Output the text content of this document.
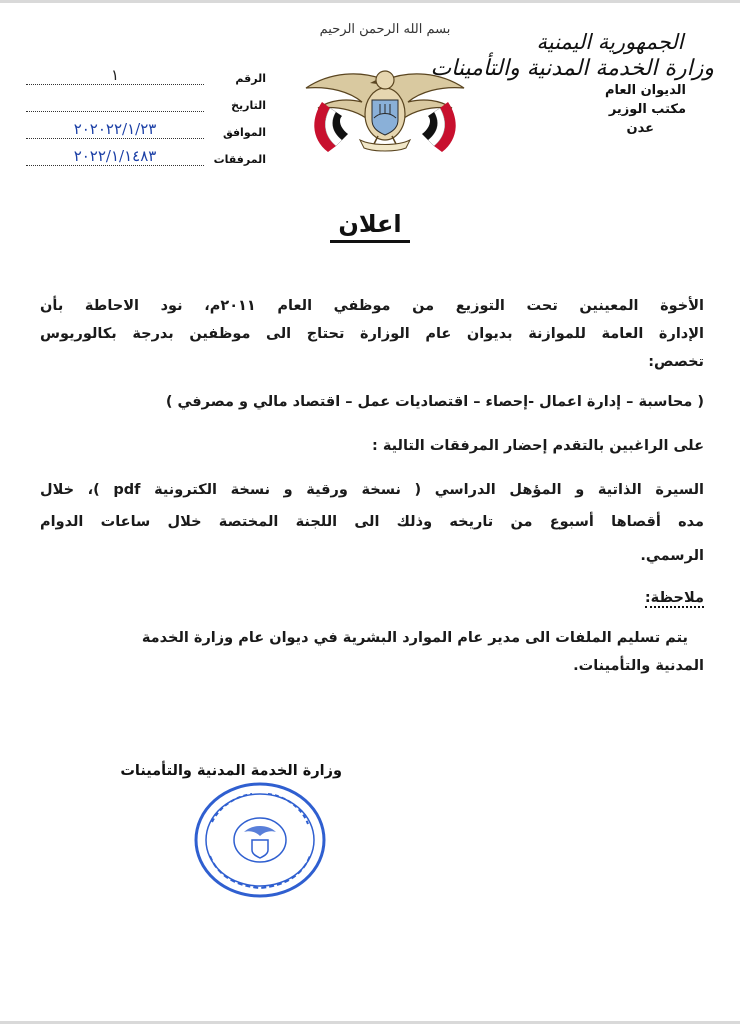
الرقم
١
التاريخ
الموافق
٢٠٢٠٢٢/١/٢٣
المرفقات
٢٠٢٢/١/١٤٨٣
بسم الله الرحمن الرحيم
الجمهورية اليمنية
وزارة الخدمة المدنية والتأمينات
الديوان العام
مكتب الوزير
عدن
اعلان
الأخوة المعينين تحت التوزيع من موظفي العام ٢٠١١م، نود الاحاطة بأن
الإدارة العامة للموازنة بديوان عام الوزارة تحتاج الى موظفين بدرجة بكالوريوس
تخصص:
( محاسبة – إدارة اعمال -إحصاء – اقتصاديات عمل – اقتصاد مالي و مصرفي )
على الراغبين بالتقدم إحضار المرفقات التالية :
السيرة الذاتية و المؤهل الدراسي ( نسخة ورقية و نسخة الكترونية pdf )، خلال
مده أقصاها أسبوع من تاريخه وذلك الى اللجنة المختصة خلال ساعات الدوام
الرسمي.
ملاحظة:
يتم تسليم الملفات الى مدير عام الموارد البشرية في ديوان عام وزارة الخدمة
المدنية والتأمينات.
وزارة الخدمة المدنية والتأمينات
